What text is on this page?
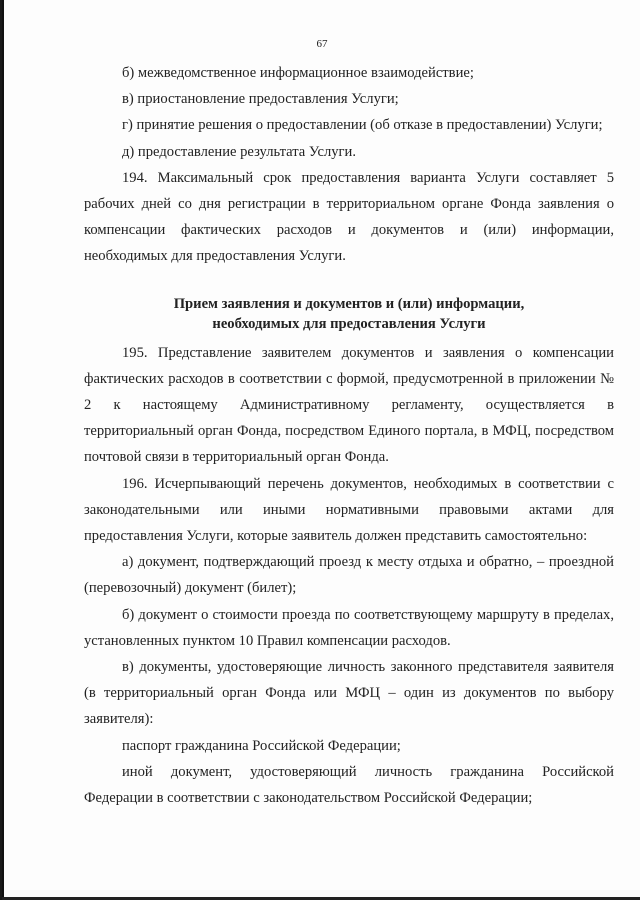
67

б) межведомственное информационное взаимодействие;

в) приостановление предоставления Услуги;

г) принятие решения о предоставлении (об отказе в предоставлении) Услуги;

д) предоставление результата Услуги.

194. Максимальный срок предоставления варианта Услуги составляет 5 рабочих дней со дня регистрации в территориальном органе Фонда заявления о компенсации фактических расходов и документов и (или) информации, необходимых для предоставления Услуги.

Прием заявления и документов и (или) информации,
необходимых для предоставления Услуги

195. Представление заявителем документов и заявления о компенсации фактических расходов в соответствии с формой, предусмотренной в приложении № 2 к настоящему Административному регламенту, осуществляется в территориальный орган Фонда, посредством Единого портала, в МФЦ, посредством почтовой связи в территориальный орган Фонда.

196. Исчерпывающий перечень документов, необходимых в соответствии с законодательными или иными нормативными правовыми актами для предоставления Услуги, которые заявитель должен представить самостоятельно:

а) документ, подтверждающий проезд к месту отдыха и обратно, – проездной (перевозочный) документ (билет);

б) документ о стоимости проезда по соответствующему маршруту в пределах, установленных пунктом 10 Правил компенсации расходов.

в) документы, удостоверяющие личность законного представителя заявителя (в территориальный орган Фонда или МФЦ – один из документов по выбору заявителя):

паспорт гражданина Российской Федерации;

иной документ, удостоверяющий личность гражданина Российской Федерации в соответствии с законодательством Российской Федерации;
